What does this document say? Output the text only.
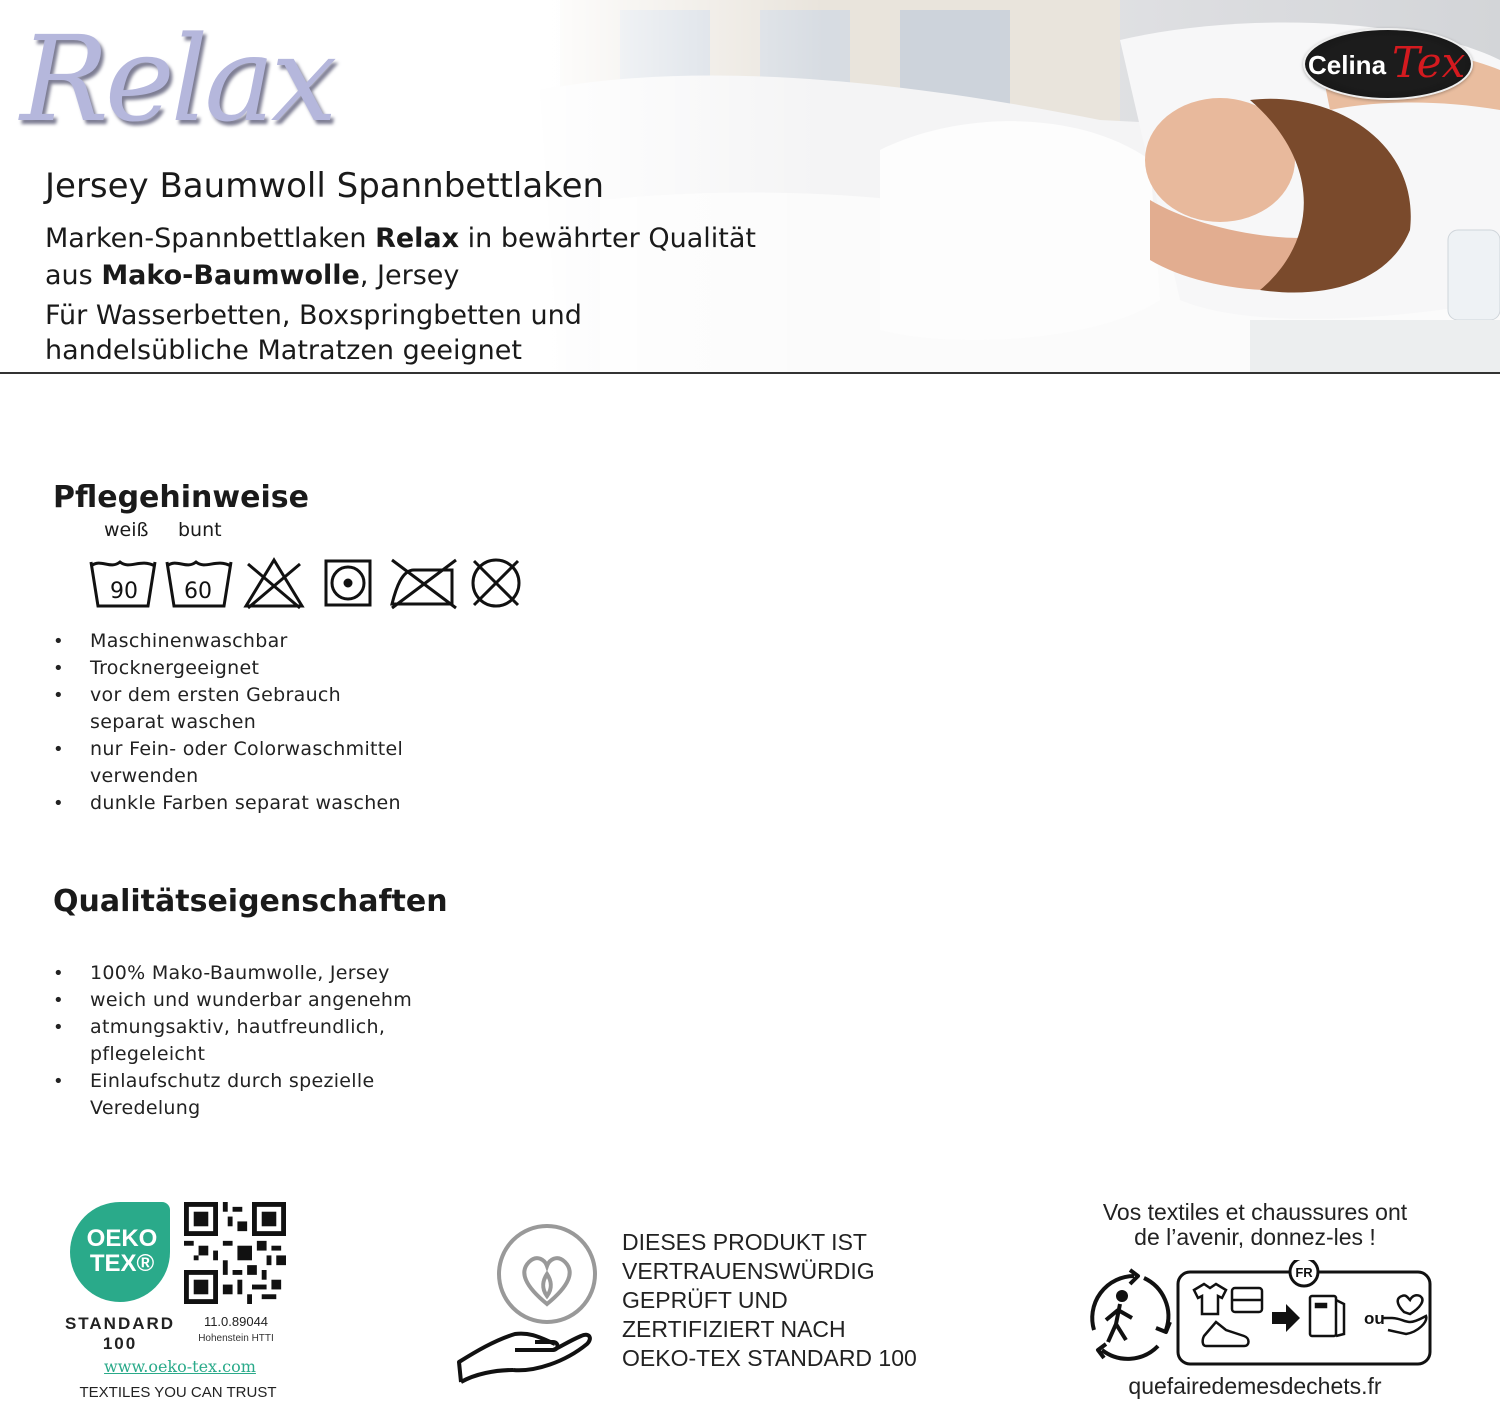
Relax
Jersey Baumwoll Spannbettlaken
Marken-Spannbettlaken Relax in bewährter Qualität
aus Mako-Baumwolle, Jersey
Für Wasserbetten, Boxspringbetten und
handelsübliche Matratzen geeignet
Celina Tex
Pflegehinweise
weiß bunt
90 60
• Maschinenwaschbar
• Trocknergeeignet
• vor dem ersten Gebrauch separat waschen
• nur Fein- oder Colorwaschmittel verwenden
• dunkle Farben separat waschen
Qualitätseigenschaften
• 100% Mako-Baumwolle, Jersey
• weich und wunderbar angenehm
• atmungsaktiv, hautfreundlich, pflegeleicht
• Einlaufschutz durch spezielle Veredelung
OEKO
TEX®
STANDARD
100
11.0.89044
Hohenstein HTTI
www.oeko-tex.com
TEXTILES YOU CAN TRUST
DIESES PRODUKT IST
VERTRAUENSWÜRDIG
GEPRÜFT UND
ZERTIFIZIERT NACH
OEKO-TEX STANDARD 100
Vos textiles et chaussures ont
de l’avenir, donnez-les !
FR
ou
quefairedemesdechets.fr
